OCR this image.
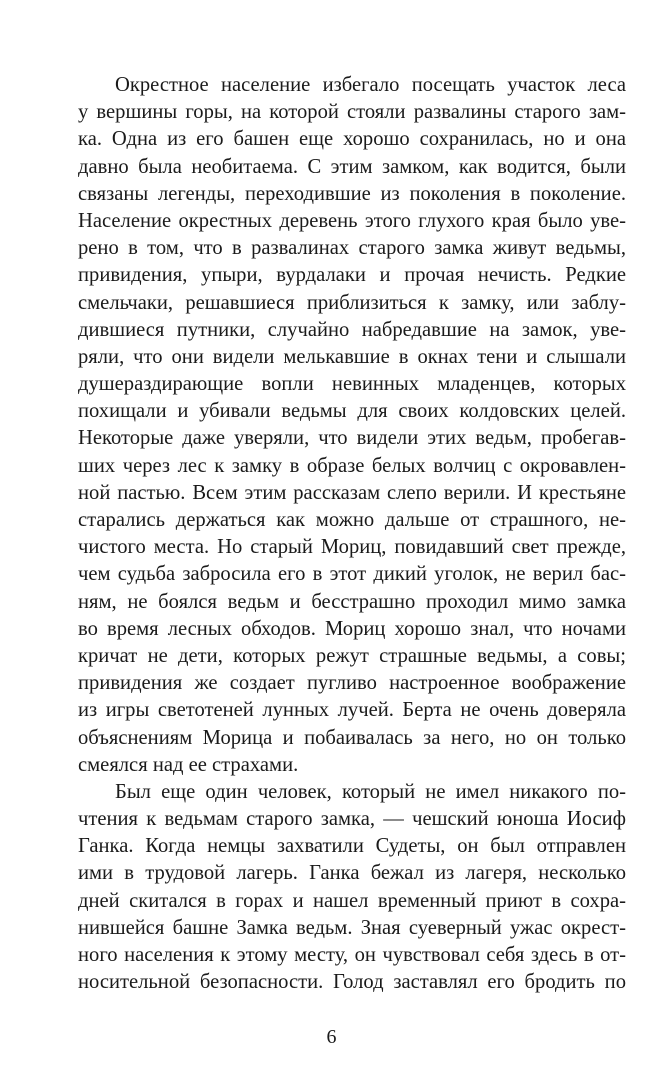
Окрестное население избегало посещать участок леса
у вершины горы, на которой стояли развалины старого зам-
ка. Одна из его башен еще хорошо сохранилась, но и она
давно была необитаема. С этим замком, как водится, были
связаны легенды, переходившие из поколения в поколение.
Население окрестных деревень этого глухого края было уве-
рено в том, что в развалинах старого замка живут ведьмы,
привидения, упыри, вурдалаки и прочая нечисть. Редкие
смельчаки, решавшиеся приблизиться к замку, или заблу-
дившиеся путники, случайно набредавшие на замок, уве-
ряли, что они видели мелькавшие в окнах тени и слышали
душераздирающие вопли невинных младенцев, которых
похищали и убивали ведьмы для своих колдовских целей.
Некоторые даже уверяли, что видели этих ведьм, пробегав-
ших через лес к замку в образе белых волчиц с окровавлен-
ной пастью. Всем этим рассказам слепо верили. И крестьяне
старались держаться как можно дальше от страшного, не-
чистого места. Но старый Мориц, повидавший свет прежде,
чем судьба забросила его в этот дикий уголок, не верил бас-
ням, не боялся ведьм и бесстрашно проходил мимо замка
во время лесных обходов. Мориц хорошо знал, что ночами
кричат не дети, которых режут страшные ведьмы, а совы;
привидения же создает пугливо настроенное воображение
из игры светотеней лунных лучей. Берта не очень доверяла
объяснениям Морица и побаивалась за него, но он только
смеялся над ее страхами.
Был еще один человек, который не имел никакого по-
чтения к ведьмам старого замка, — чешский юноша Иосиф
Ганка. Когда немцы захватили Судеты, он был отправлен
ими в трудовой лагерь. Ганка бежал из лагеря, несколько
дней скитался в горах и нашел временный приют в сохра-
нившейся башне Замка ведьм. Зная суеверный ужас окрест-
ного населения к этому месту, он чувствовал себя здесь в от-
носительной безопасности. Голод заставлял его бродить по
6
